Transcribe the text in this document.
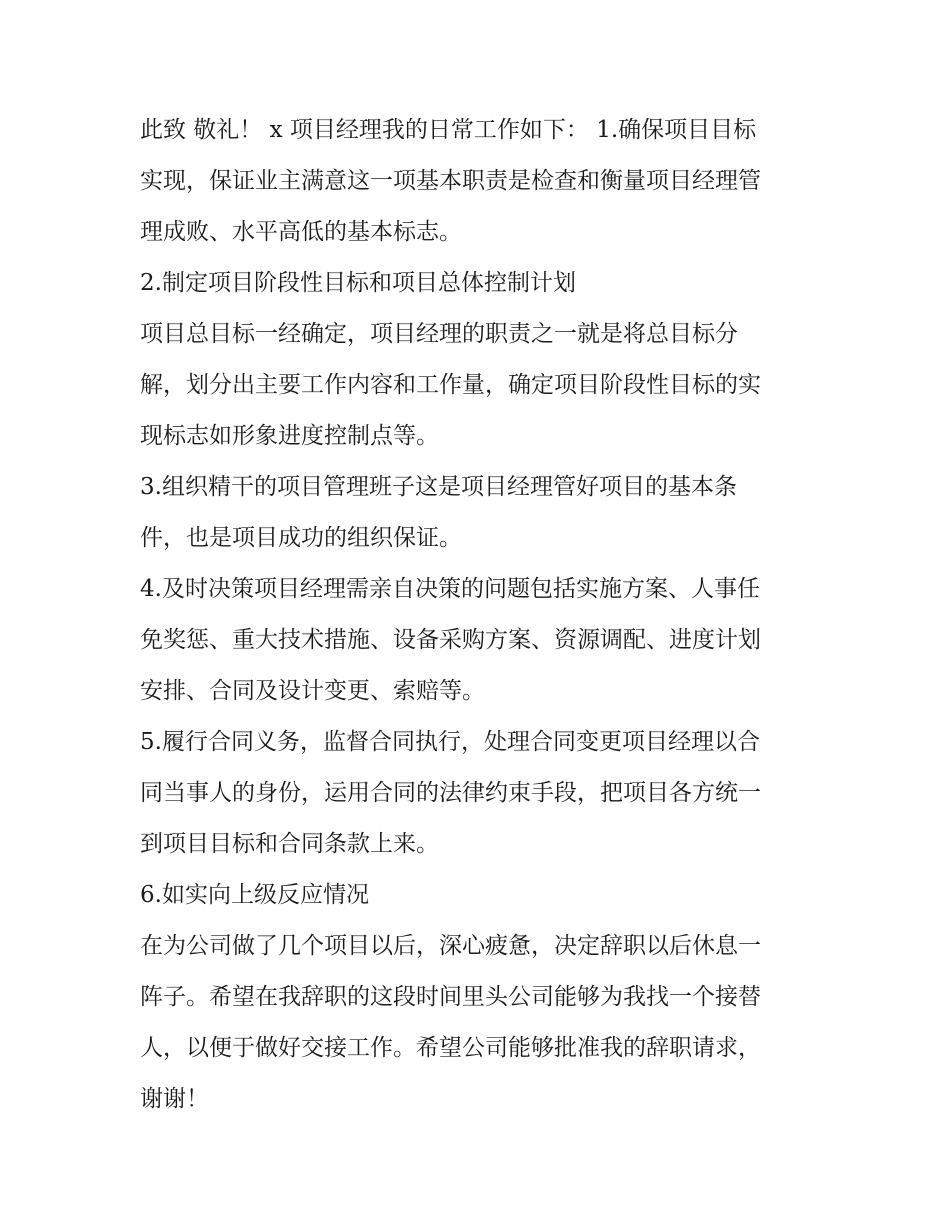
此致 敬礼！ x 项目经理我的日常工作如下： 1.确保项目目标
实现，保证业主满意这一项基本职责是检查和衡量项目经理管
理成败、水平高低的基本标志。
2.制定项目阶段性目标和项目总体控制计划
项目总目标一经确定，项目经理的职责之一就是将总目标分
解，划分出主要工作内容和工作量，确定项目阶段性目标的实
现标志如形象进度控制点等。
3.组织精干的项目管理班子这是项目经理管好项目的基本条
件，也是项目成功的组织保证。
4.及时决策项目经理需亲自决策的问题包括实施方案、人事任
免奖惩、重大技术措施、设备采购方案、资源调配、进度计划
安排、合同及设计变更、索赔等。
5.履行合同义务，监督合同执行，处理合同变更项目经理以合
同当事人的身份，运用合同的法律约束手段，把项目各方统一
到项目目标和合同条款上来。
6.如实向上级反应情况
在为公司做了几个项目以后，深心疲惫，决定辞职以后休息一
阵子。希望在我辞职的这段时间里头公司能够为我找一个接替
人，以便于做好交接工作。希望公司能够批准我的辞职请求，
谢谢！
